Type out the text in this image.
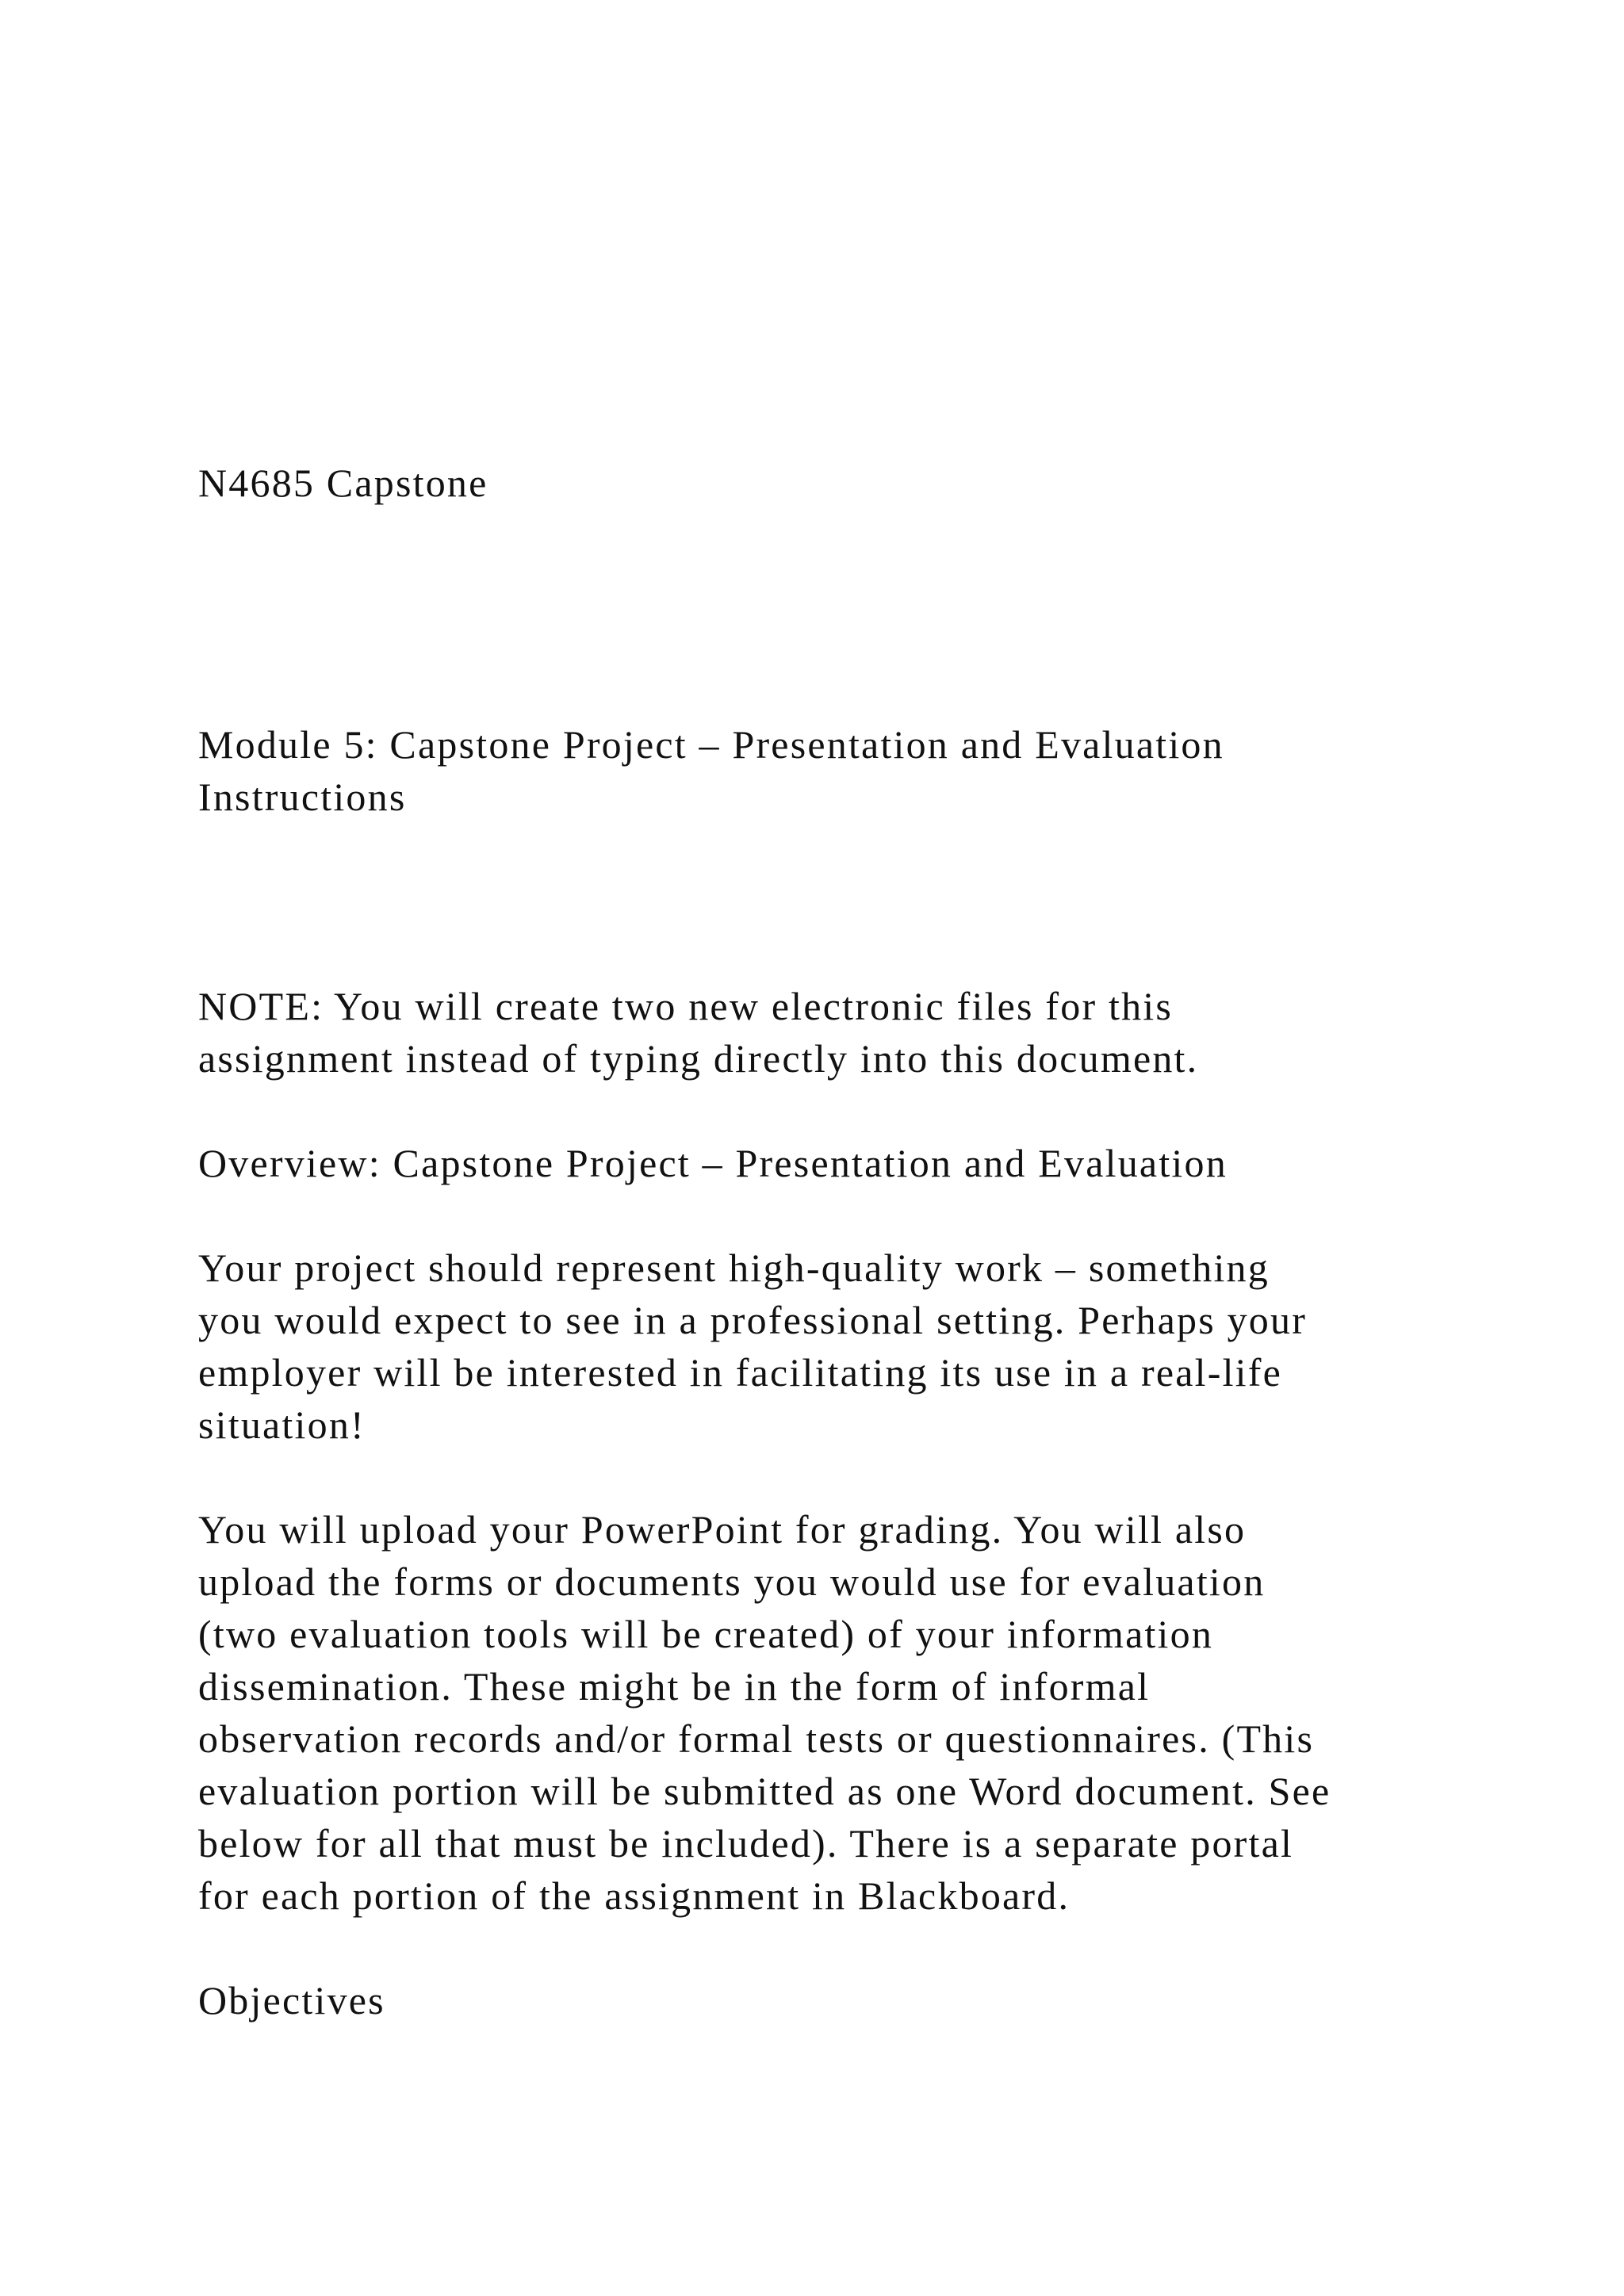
N4685 Capstone

Module 5: Capstone Project – Presentation and Evaluation
Instructions

NOTE: You will create two new electronic files for this
assignment instead of typing directly into this document.

Overview: Capstone Project – Presentation and Evaluation

Your project should represent high-quality work – something
you would expect to see in a professional setting. Perhaps your
employer will be interested in facilitating its use in a real-life
situation!

You will upload your PowerPoint for grading. You will also
upload the forms or documents you would use for evaluation
(two evaluation tools will be created) of your information
dissemination. These might be in the form of informal
observation records and/or formal tests or questionnaires. (This
evaluation portion will be submitted as one Word document. See
below for all that must be included). There is a separate portal
for each portion of the assignment in Blackboard.

Objectives
